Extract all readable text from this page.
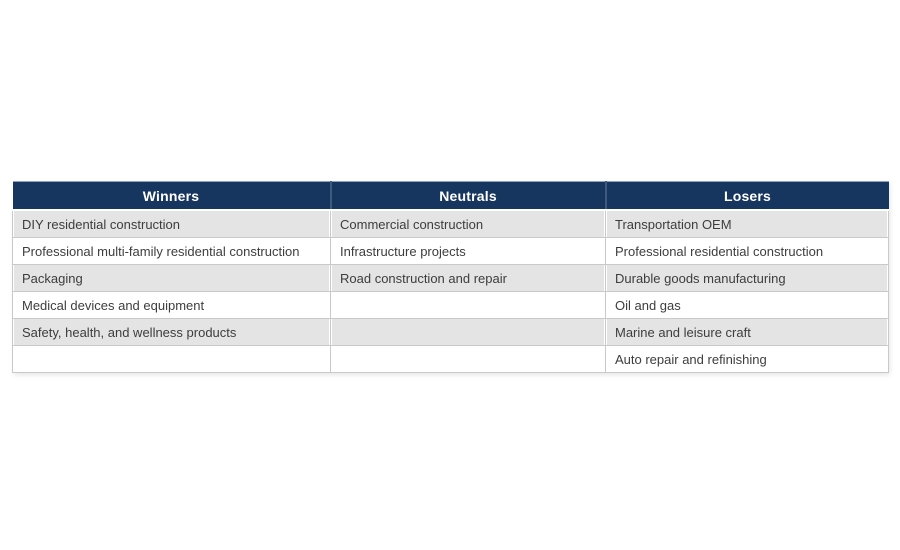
Winners	Neutrals	Losers
DIY residential construction	Commercial construction	Transportation OEM
Professional multi-family residential construction	Infrastructure projects	Professional residential construction
Packaging	Road construction and repair	Durable goods manufacturing
Medical devices and equipment		Oil and gas
Safety, health, and wellness products		Marine and leisure craft
		Auto repair and refinishing
